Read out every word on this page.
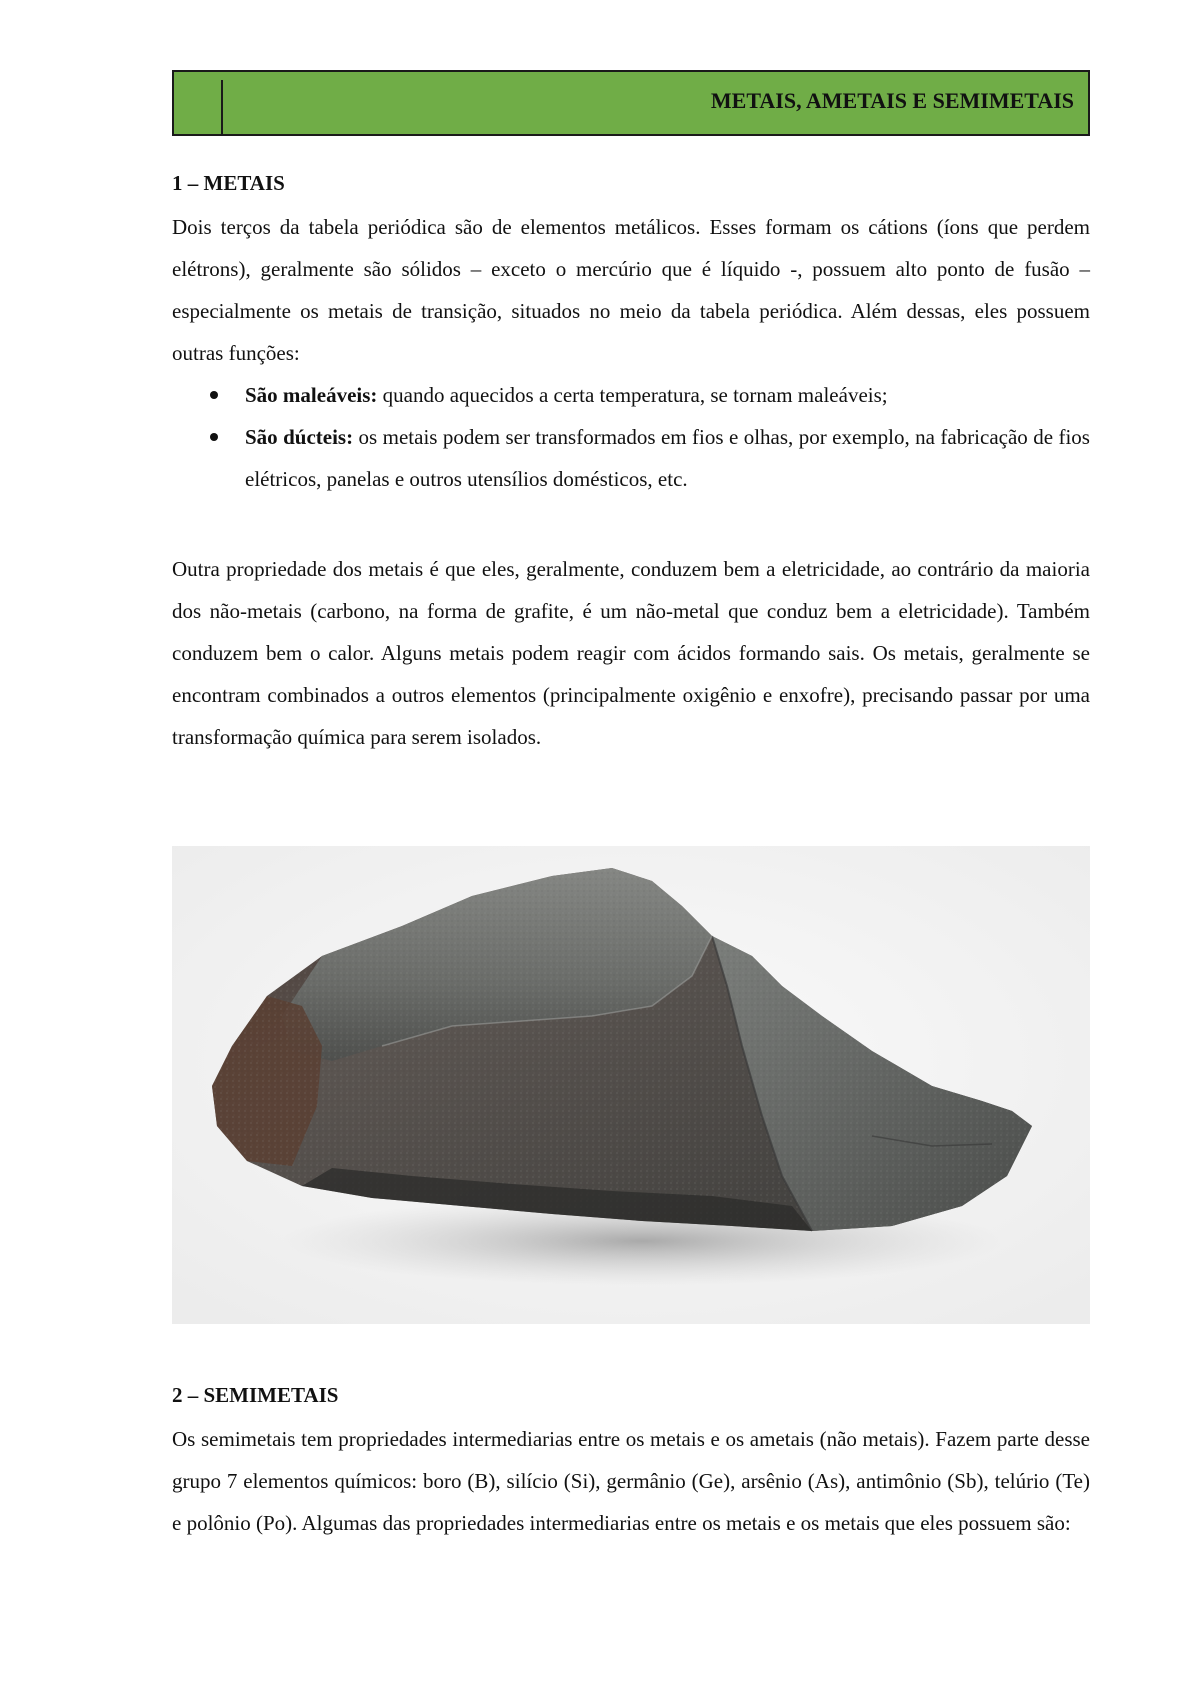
METAIS, AMETAIS E SEMIMETAIS

1 – METAIS

Dois terços da tabela periódica são de elementos metálicos. Esses formam os cátions (íons que perdem elétrons), geralmente são sólidos – exceto o mercúrio que é líquido -, possuem alto ponto de fusão – especialmente os metais de transição, situados no meio da tabela periódica. Além dessas, eles possuem outras funções:

São maleáveis: quando aquecidos a certa temperatura, se tornam maleáveis;
São dúcteis: os metais podem ser transformados em fios e olhas, por exemplo, na fabricação de fios elétricos, panelas e outros utensílios domésticos, etc.

Outra propriedade dos metais é que eles, geralmente, conduzem bem a eletricidade, ao contrário da maioria dos não-metais (carbono, na forma de grafite, é um não-metal que conduz bem a eletricidade). Também conduzem bem o calor. Alguns metais podem reagir com ácidos formando sais. Os metais, geralmente se encontram combinados a outros elementos (principalmente oxigênio e enxofre), precisando passar por uma transformação química para serem isolados.

2 – SEMIMETAIS

Os semimetais tem propriedades intermediarias entre os metais e os ametais (não metais). Fazem parte desse grupo 7 elementos químicos: boro (B), silício (Si), germânio (Ge), arsênio (As), antimônio (Sb), telúrio (Te) e polônio (Po). Algumas das propriedades intermediarias entre os metais e os metais que eles possuem são:
